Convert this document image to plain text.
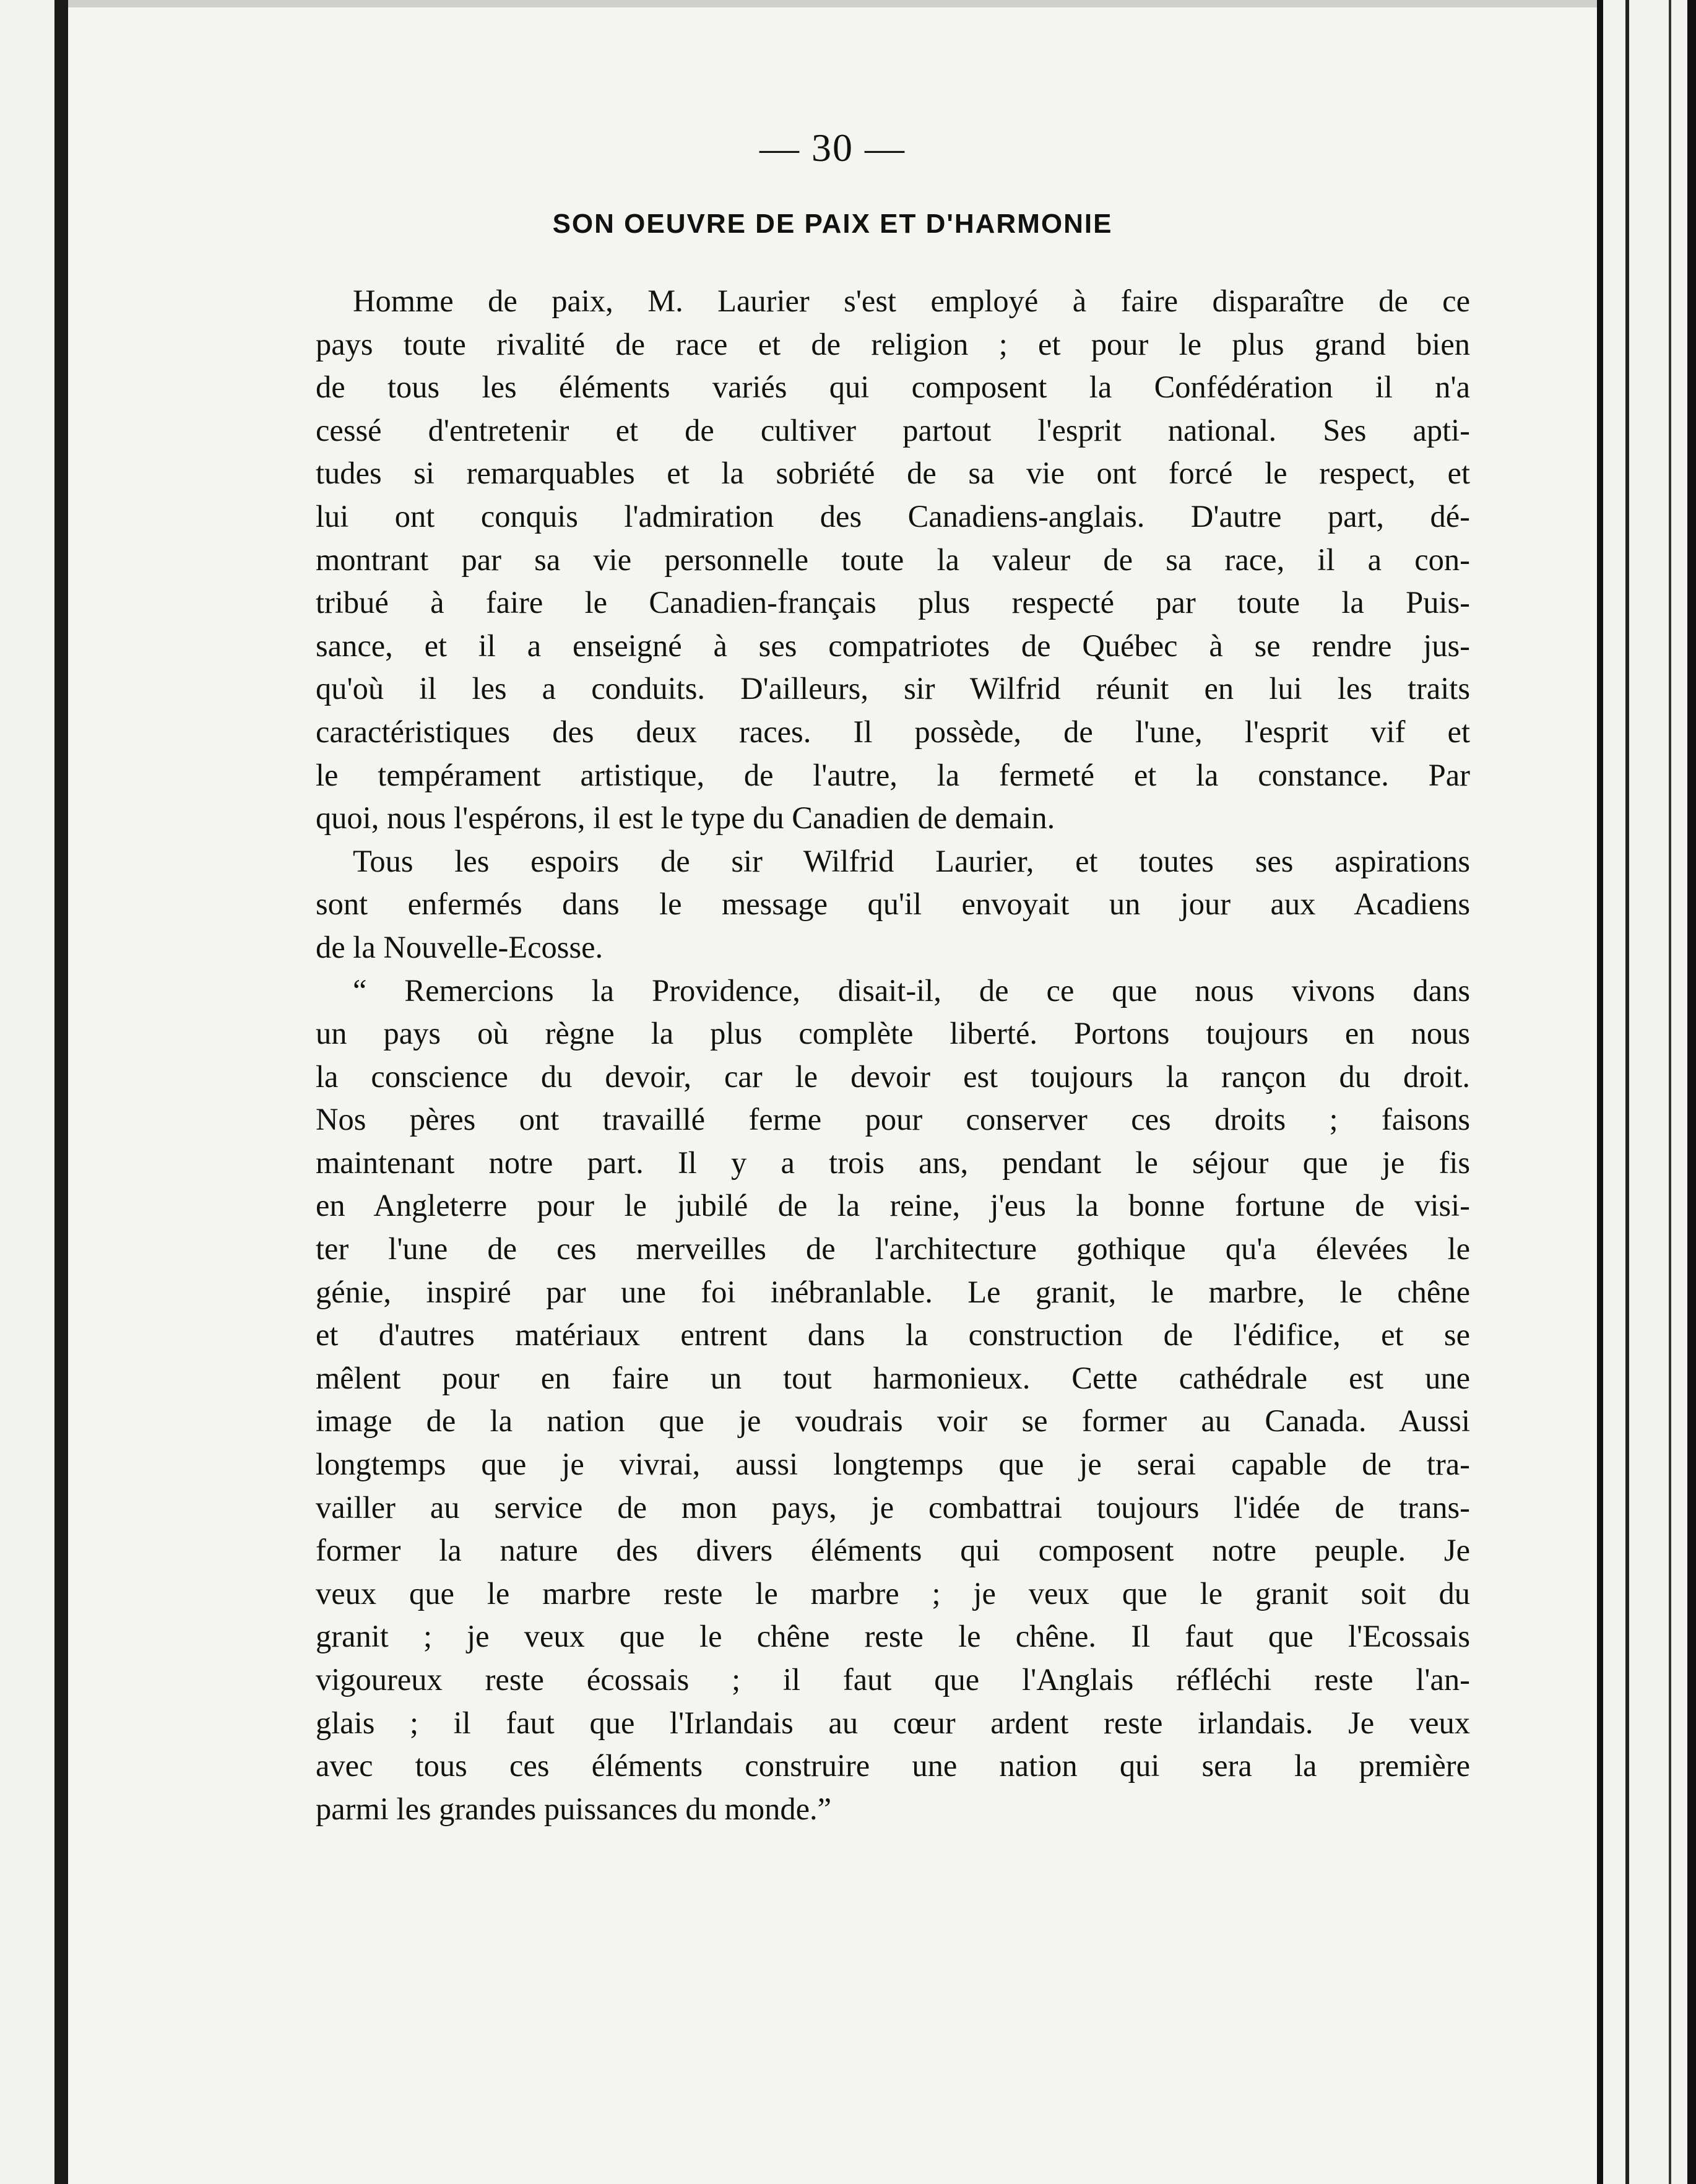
— 30 —
SON OEUVRE DE PAIX ET D'HARMONIE
Homme de paix, M. Laurier s'est employé à faire disparaître de ce
pays toute rivalité de race et de religion ; et pour le plus grand bien
de tous les éléments variés qui composent la Confédération il n'a
cessé d'entretenir et de cultiver partout l'esprit national. Ses apti-
tudes si remarquables et la sobriété de sa vie ont forcé le respect, et
lui ont conquis l'admiration des Canadiens-anglais. D'autre part, dé-
montrant par sa vie personnelle toute la valeur de sa race, il a con-
tribué à faire le Canadien-français plus respecté par toute la Puis-
sance, et il a enseigné à ses compatriotes de Québec à se rendre jus-
qu'où il les a conduits. D'ailleurs, sir Wilfrid réunit en lui les traits
caractéristiques des deux races. Il possède, de l'une, l'esprit vif et
le tempérament artistique, de l'autre, la fermeté et la constance. Par
quoi, nous l'espérons, il est le type du Canadien de demain.
Tous les espoirs de sir Wilfrid Laurier, et toutes ses aspirations
sont enfermés dans le message qu'il envoyait un jour aux Acadiens
de la Nouvelle-Ecosse.
“ Remercions la Providence, disait-il, de ce que nous vivons dans
un pays où règne la plus complète liberté. Portons toujours en nous
la conscience du devoir, car le devoir est toujours la rançon du droit.
Nos pères ont travaillé ferme pour conserver ces droits ; faisons
maintenant notre part. Il y a trois ans, pendant le séjour que je fis
en Angleterre pour le jubilé de la reine, j'eus la bonne fortune de visi-
ter l'une de ces merveilles de l'architecture gothique qu'a élevées le
génie, inspiré par une foi inébranlable. Le granit, le marbre, le chêne
et d'autres matériaux entrent dans la construction de l'édifice, et se
mêlent pour en faire un tout harmonieux. Cette cathédrale est une
image de la nation que je voudrais voir se former au Canada. Aussi
longtemps que je vivrai, aussi longtemps que je serai capable de tra-
vailler au service de mon pays, je combattrai toujours l'idée de trans-
former la nature des divers éléments qui composent notre peuple. Je
veux que le marbre reste le marbre ; je veux que le granit soit du
granit ; je veux que le chêne reste le chêne. Il faut que l'Ecossais
vigoureux reste écossais ; il faut que l'Anglais réfléchi reste l'an-
glais ; il faut que l'Irlandais au cœur ardent reste irlandais. Je veux
avec tous ces éléments construire une nation qui sera la première
parmi les grandes puissances du monde.”
